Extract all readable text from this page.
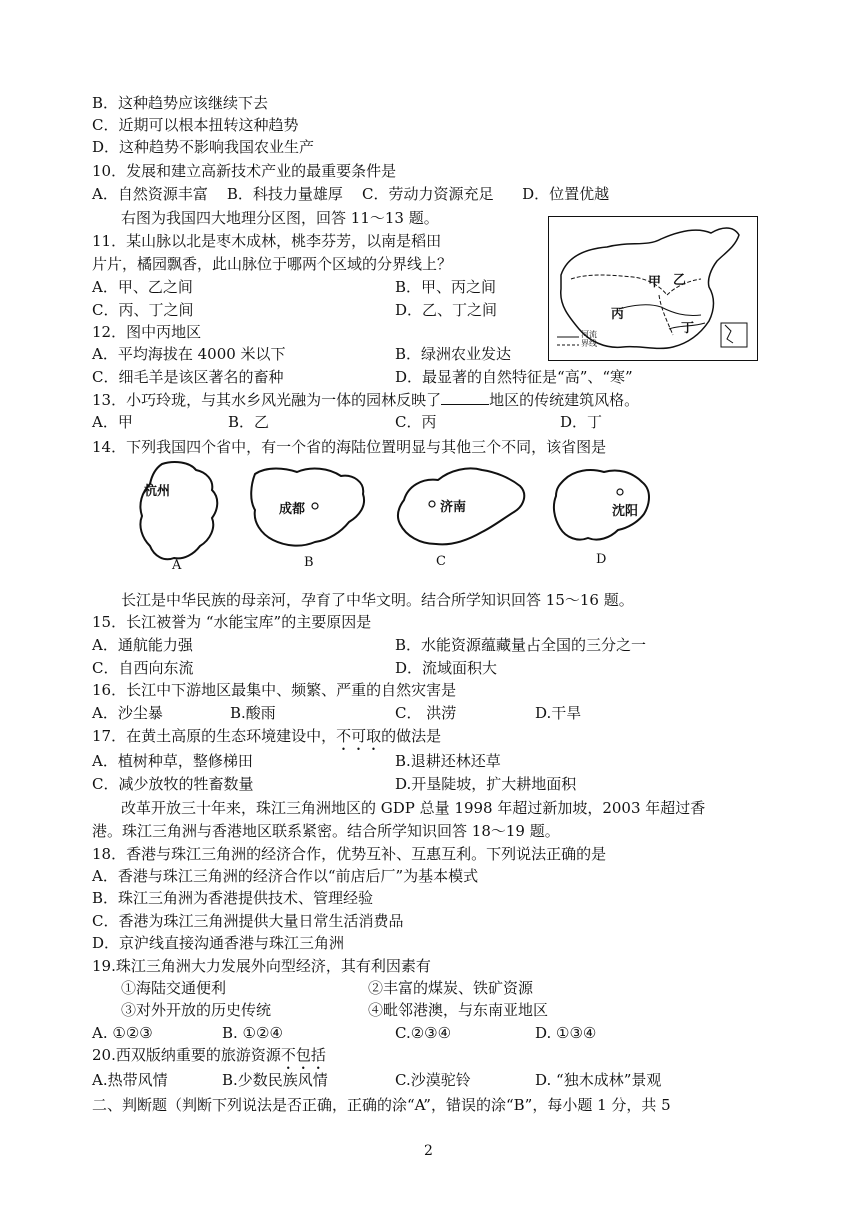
B．这种趋势应该继续下去
C．近期可以根本扭转这种趋势
D．这种趋势不影响我国农业生产
10．发展和建立高新技术产业的最重要条件是
A．自然资源丰富    B．科技力量雄厚    C．劳动力资源充足      D．位置优越
右图为我国四大地理分区图，回答 11～13 题。
11．某山脉以北是枣木成林，桃李芬芳，以南是稻田
片片，橘园飘香，此山脉位于哪两个区域的分界线上？
A．甲、乙之间	B．甲、丙之间
C．丙、丁之间	D．乙、丁之间
12．图中丙地区
A．平均海拔在 4000 米以下	B．绿洲农业发达
C．细毛羊是该区著名的畜种	D．最显著的自然特征是“高”、“寒”
甲 乙
丙
丁
河流
界线
13．小巧玲珑，与其水乡风光融为一体的园林反映了	地区的传统建筑风格。
A．甲	B．乙	C．丙	D．丁
14．下列我国四个省中，有一个省的海陆位置明显与其他三个不同，该省图是
杭州
A
成都
B
济南
C
沈阳
D
长江是中华民族的母亲河，孕育了中华文明。结合所学知识回答 15～16 题。
15．长江被誉为 “水能宝库”的主要原因是
A．通航能力强	B．水能资源蕴藏量占全国的三分之一
C．自西向东流	D．流域面积大
16．长江中下游地区最集中、频繁、严重的自然灾害是
A．沙尘暴	B.酸雨	C． 洪涝	D.干旱
17．在黄土高原的生态环境建设中，不可取的做法是
A．植树种草，整修梯田	B.退耕还林还草
C．减少放牧的牲畜数量	D.开垦陡坡，扩大耕地面积
改革开放三十年来，珠江三角洲地区的 GDP 总量 1998 年超过新加坡，2003 年超过香
港。珠江三角洲与香港地区联系紧密。结合所学知识回答 18～19 题。
18．香港与珠江三角洲的经济合作，优势互补、互惠互利。下列说法正确的是
A．香港与珠江三角洲的经济合作以“前店后厂”为基本模式
B．珠江三角洲为香港提供技术、管理经验
C．香港为珠江三角洲提供大量日常生活消费品
D．京沪线直接沟通香港与珠江三角洲
19.珠江三角洲大力发展外向型经济，其有利因素有
①海陆交通便利	②丰富的煤炭、铁矿资源
③对外开放的历史传统	④毗邻港澳，与东南亚地区
A. ①②③	B. ①②④	C.②③④	D. ①③④
20.西双版纳重要的旅游资源不包括
A.热带风情	B.少数民族风情	C.沙漠驼铃	D. “独木成林”景观
二、判断题（判断下列说法是否正确，正确的涂“A”，错误的涂“B”，每小题 1 分，共 5
2
